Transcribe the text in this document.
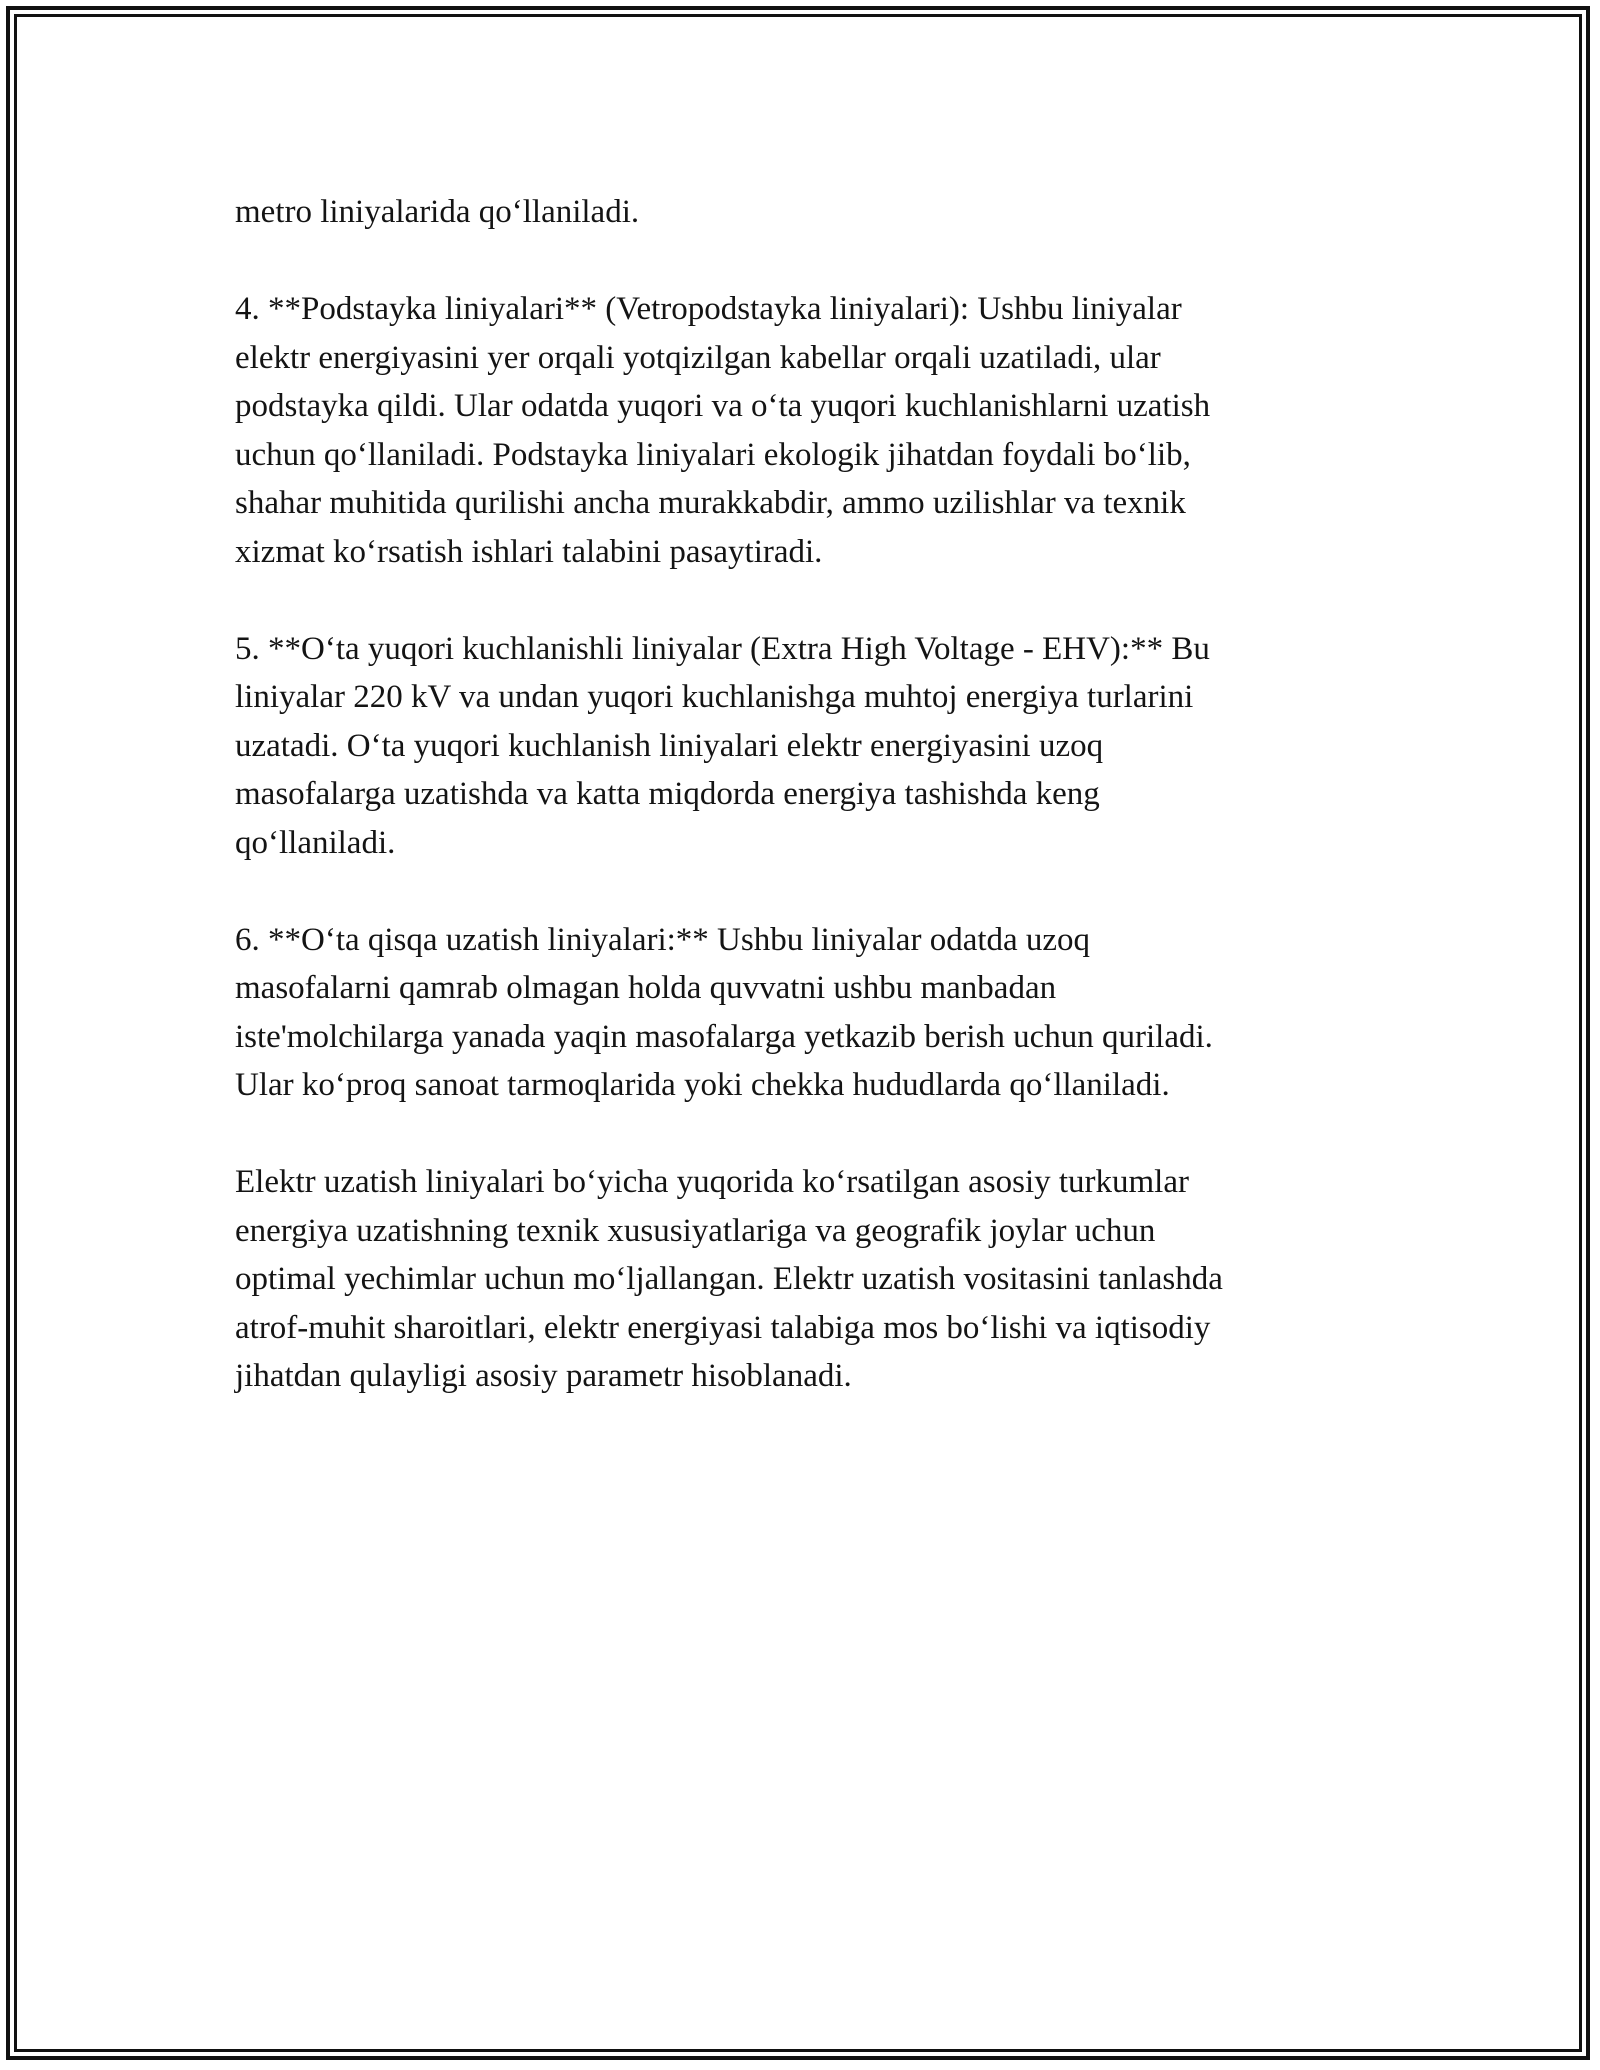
metro liniyalarida qo‘llaniladi.

4. **Podstayka liniyalari** (Vetropodstayka liniyalari): Ushbu liniyalar
elektr energiyasini yer orqali yotqizilgan kabellar orqali uzatiladi, ular
podstayka qildi. Ular odatda yuqori va o‘ta yuqori kuchlanishlarni uzatish
uchun qo‘llaniladi. Podstayka liniyalari ekologik jihatdan foydali bo‘lib,
shahar muhitida qurilishi ancha murakkabdir, ammo uzilishlar va texnik
xizmat ko‘rsatish ishlari talabini pasaytiradi.

5. **O‘ta yuqori kuchlanishli liniyalar (Extra High Voltage - EHV):** Bu
liniyalar 220 kV va undan yuqori kuchlanishga muhtoj energiya turlarini
uzatadi. O‘ta yuqori kuchlanish liniyalari elektr energiyasini uzoq
masofalarga uzatishda va katta miqdorda energiya tashishda keng
qo‘llaniladi.

6. **O‘ta qisqa uzatish liniyalari:** Ushbu liniyalar odatda uzoq
masofalarni qamrab olmagan holda quvvatni ushbu manbadan
iste'molchilarga yanada yaqin masofalarga yetkazib berish uchun quriladi.
Ular ko‘proq sanoat tarmoqlarida yoki chekka hududlarda qo‘llaniladi.

Elektr uzatish liniyalari bo‘yicha yuqorida ko‘rsatilgan asosiy turkumlar
energiya uzatishning texnik xususiyatlariga va geografik joylar uchun
optimal yechimlar uchun mo‘ljallangan. Elektr uzatish vositasini tanlashda
atrof-muhit sharoitlari, elektr energiyasi talabiga mos bo‘lishi va iqtisodiy
jihatdan qulayligi asosiy parametr hisoblanadi.
